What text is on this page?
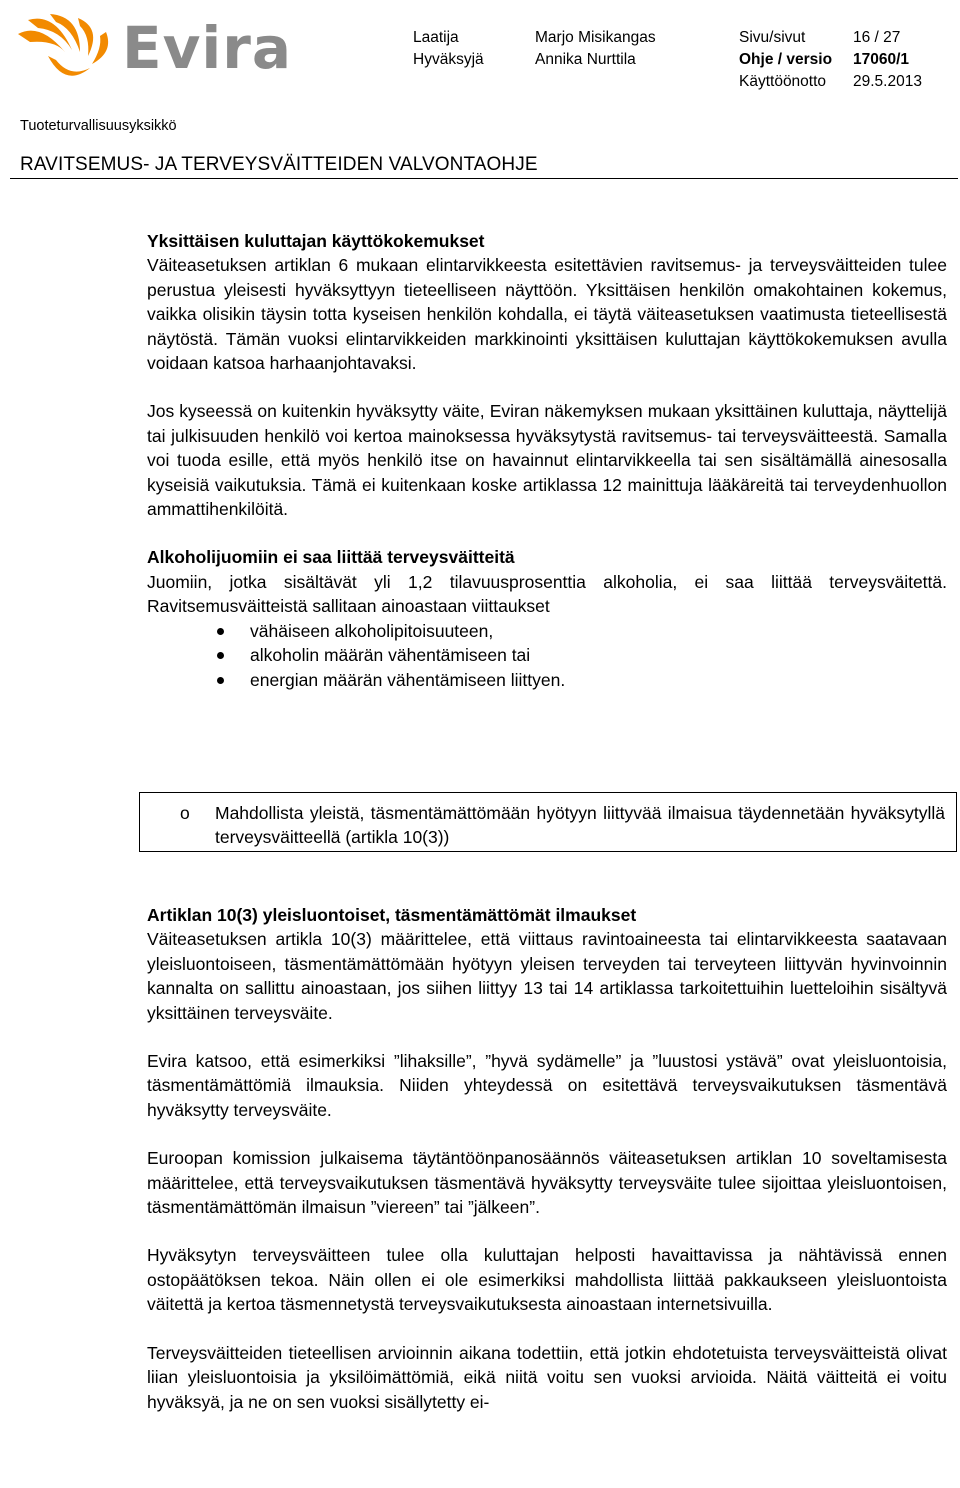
Evira	Laatija
Hyväksyjä
Marjo Misikangas
Annika Nurttila
Sivu/sivut
Ohje / versio
Käyttöönotto
16 / 27
17060/1
29.5.2013
Tuoteturvallisuusyksikkö
RAVITSEMUS- JA TERVEYSVÄITTEIDEN VALVONTAOHJE
Yksittäisen kuluttajan käyttökokemukset

Väiteasetuksen artiklan 6 mukaan elintarvikkeesta esitettävien ravitsemus- ja terveysväitteiden tulee perustua yleisesti hyväksyttyyn tieteelliseen näyttöön. Yksittäisen henkilön omakohtainen kokemus, vaikka olisikin täysin totta kyseisen henkilön kohdalla, ei täytä väiteasetuksen vaatimusta tieteellisestä näytöstä. Tämän vuoksi elintarvikkeiden markkinointi yksittäisen kuluttajan käyttökokemuksen avulla voidaan katsoa harhaanjohtavaksi.

Jos kyseessä on kuitenkin hyväksytty väite, Eviran näkemyksen mukaan yksittäinen kuluttaja, näyttelijä tai julkisuuden henkilö voi kertoa mainoksessa hyväksytystä ravitsemus- tai terveysväitteestä. Samalla voi tuoda esille, että myös henkilö itse on havainnut elintarvikkeella tai sen sisältämällä ainesosalla kyseisiä vaikutuksia. Tämä ei kuitenkaan koske artiklassa 12 mainittuja lääkäreitä tai terveydenhuollon ammattihenkilöitä.

Alkoholijuomiin ei saa liittää terveysväitteitä

Juomiin, jotka sisältävät yli 1,2 tilavuusprosenttia alkoholia, ei saa liittää terveysväitettä. Ravitsemusväitteistä sallitaan ainoastaan viittaukset

vähäiseen alkoholipitoisuuteen,
alkoholin määrän vähentämiseen tai
energian määrän vähentämiseen liittyen.
o Mahdollista yleistä, täsmentämättömään hyötyyn liittyvää ilmaisua täydennetään hyväksytyllä terveysväitteellä (artikla 10(3))
Artiklan 10(3) yleisluontoiset, täsmentämättömät ilmaukset

Väiteasetuksen artikla 10(3) määrittelee, että viittaus ravintoaineesta tai elintarvikkeesta saatavaan yleisluontoiseen, täsmentämättömään hyötyyn yleisen terveyden tai terveyteen liittyvän hyvinvoinnin kannalta on sallittu ainoastaan, jos siihen liittyy 13 tai 14 artiklassa tarkoitettuihin luetteloihin sisältyvä yksittäinen terveysväite.

Evira katsoo, että esimerkiksi ”lihaksille”, ”hyvä sydämelle” ja ”luustosi ystävä” ovat yleisluontoisia, täsmentämättömiä ilmauksia. Niiden yhteydessä on esitettävä terveysvaikutuksen täsmentävä hyväksytty terveysväite.

Euroopan komission julkaisema täytäntöönpanosäännös väiteasetuksen artiklan 10 soveltamisesta määrittelee, että terveysvaikutuksen täsmentävä hyväksytty terveysväite tulee sijoittaa yleisluontoisen, täsmentämättömän ilmaisun ”viereen” tai ”jälkeen”.

Hyväksytyn terveysväitteen tulee olla kuluttajan helposti havaittavissa ja nähtävissä ennen ostopäätöksen tekoa. Näin ollen ei ole esimerkiksi mahdollista liittää pakkaukseen yleisluontoista väitettä ja kertoa täsmennetystä terveysvaikutuksesta ainoastaan internetsivuilla.

Terveysväitteiden tieteellisen arvioinnin aikana todettiin, että jotkin ehdotetuista terveysväitteistä olivat liian yleisluontoisia ja yksilöimättömiä, eikä niitä voitu sen vuoksi arvioida. Näitä väitteitä ei voitu hyväksyä, ja ne on sen vuoksi sisällytetty ei-
